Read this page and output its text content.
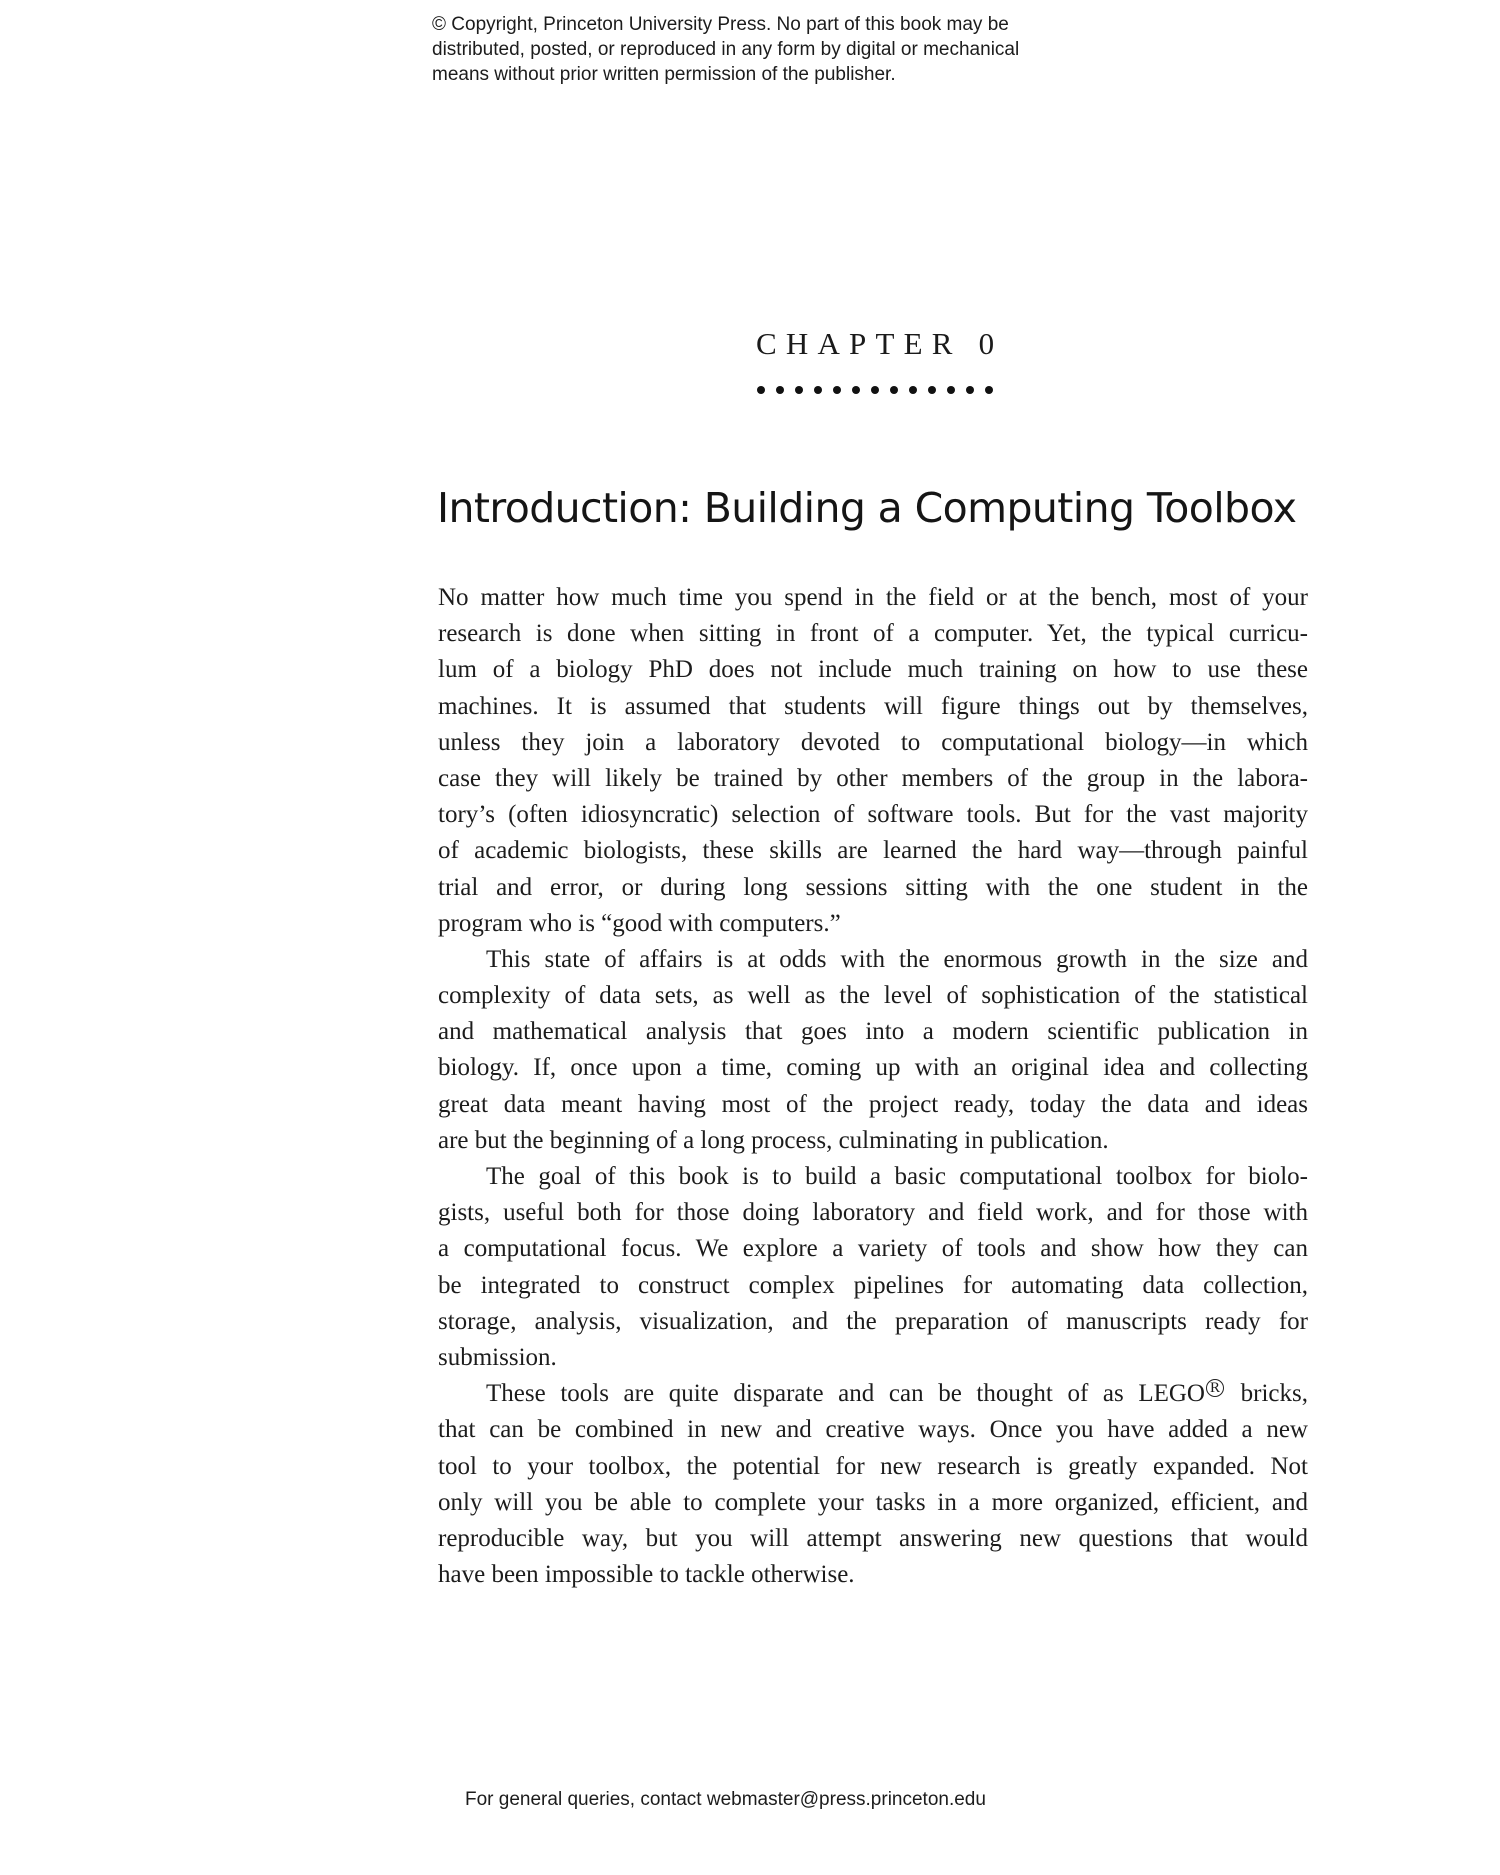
© Copyright, Princeton University Press. No part of this book may be
distributed, posted, or reproduced in any form by digital or mechanical
means without prior written permission of the publisher.
CHAPTER 0
Introduction: Building a Computing Toolbox
No matter how much time you spend in the field or at the bench, most of your
research is done when sitting in front of a computer. Yet, the typical curricu-
lum of a biology PhD does not include much training on how to use these
machines. It is assumed that students will figure things out by themselves,
unless they join a laboratory devoted to computational biology—in which
case they will likely be trained by other members of the group in the labora-
tory’s (often idiosyncratic) selection of software tools. But for the vast majority
of academic biologists, these skills are learned the hard way—through painful
trial and error, or during long sessions sitting with the one student in the
program who is “good with computers.”
This state of affairs is at odds with the enormous growth in the size and
complexity of data sets, as well as the level of sophistication of the statistical
and mathematical analysis that goes into a modern scientific publication in
biology. If, once upon a time, coming up with an original idea and collecting
great data meant having most of the project ready, today the data and ideas
are but the beginning of a long process, culminating in publication.
The goal of this book is to build a basic computational toolbox for biolo-
gists, useful both for those doing laboratory and field work, and for those with
a computational focus. We explore a variety of tools and show how they can
be integrated to construct complex pipelines for automating data collection,
storage, analysis, visualization, and the preparation of manuscripts ready for
submission.
These tools are quite disparate and can be thought of as LEGO $^R$ bricks,
that can be combined in new and creative ways. Once you have added a new
tool to your toolbox, the potential for new research is greatly expanded. Not
only will you be able to complete your tasks in a more organized, efficient, and
reproducible way, but you will attempt answering new questions that would
have been impossible to tackle otherwise.
For general queries, contact webmaster@press.princeton.edu
